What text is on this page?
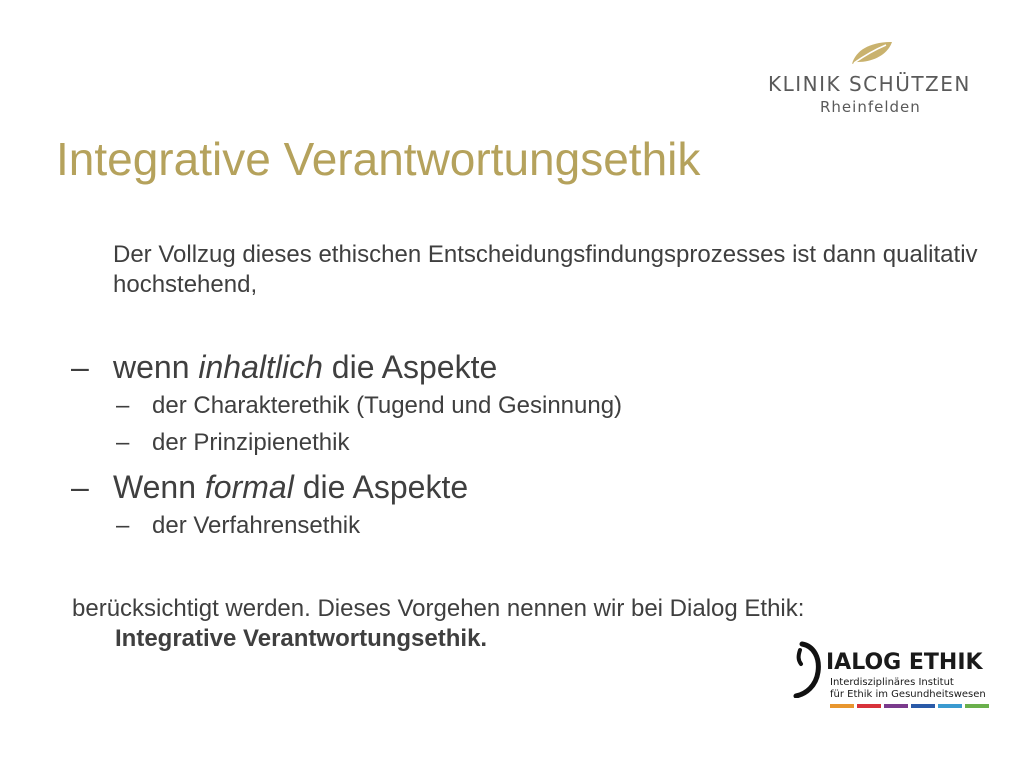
KLINIK SCHÜTZEN
Rheinfelden
Integrative Verantwortungsethik
Der Vollzug dieses ethischen Entscheidungsfindungsprozesses ist dann qualitativ hochstehend,
– wenn inhaltlich die Aspekte
– der Charakterethik (Tugend und Gesinnung)
– der Prinzipienethik
– Wenn formal die Aspekte
– der Verfahrensethik
berücksichtigt werden. Dieses Vorgehen nennen wir bei Dialog Ethik:
Integrative Verantwortungsethik.
IALOG ETHIK
Interdisziplinäres Institut
für Ethik im Gesundheitswesen
